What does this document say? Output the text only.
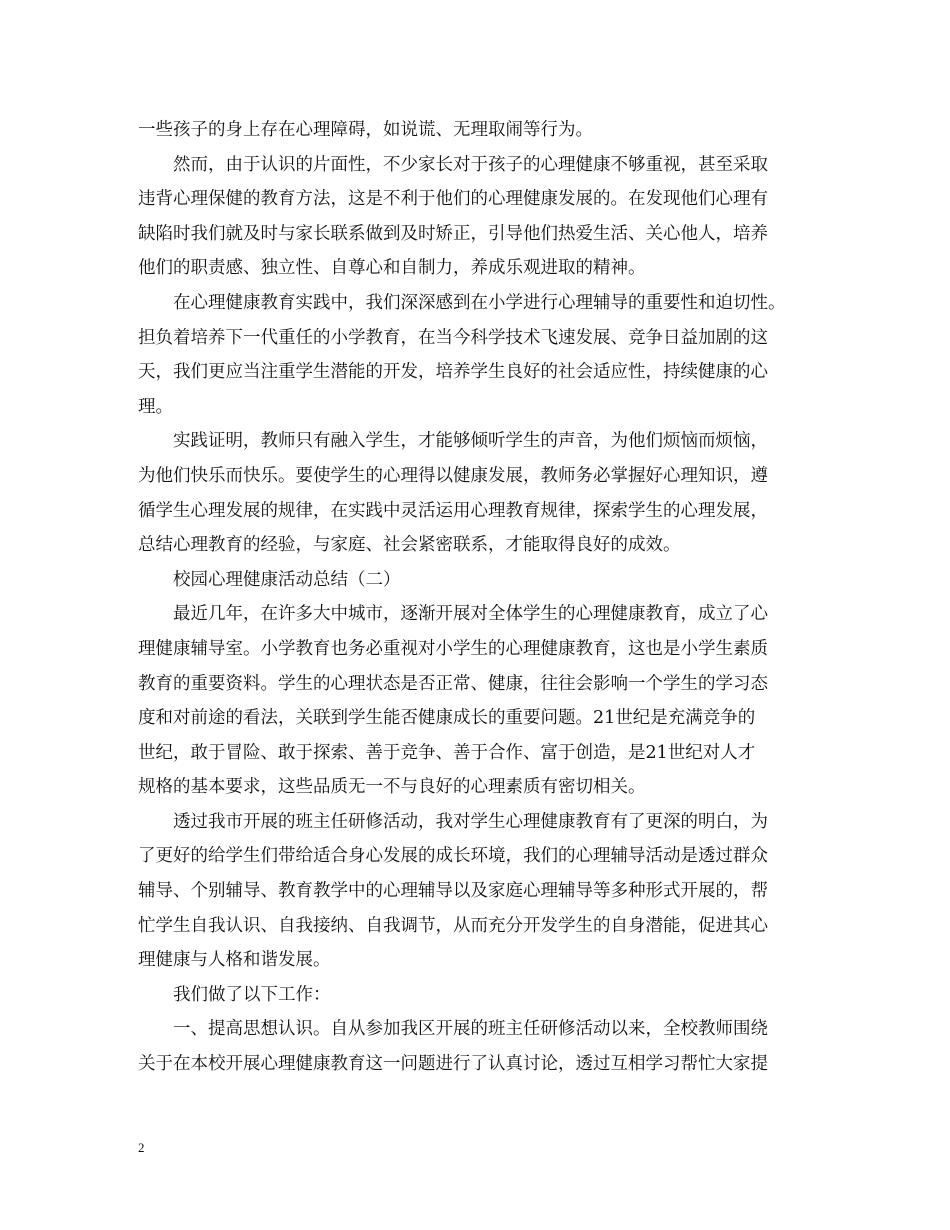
一些孩子的身上存在心理障碍，如说谎、无理取闹等行为。
然而，由于认识的片面性，不少家长对于孩子的心理健康不够重视，甚至采取
违背心理保健的教育方法，这是不利于他们的心理健康发展的。在发现他们心理有
缺陷时我们就及时与家长联系做到及时矫正，引导他们热爱生活、关心他人，培养
他们的职责感、独立性、自尊心和自制力，养成乐观进取的精神。
在心理健康教育实践中，我们深深感到在小学进行心理辅导的重要性和迫切性。
担负着培养下一代重任的小学教育，在当今科学技术飞速发展、竞争日益加剧的这
天，我们更应当注重学生潜能的开发，培养学生良好的社会适应性，持续健康的心
理。
实践证明，教师只有融入学生，才能够倾听学生的声音，为他们烦恼而烦恼，
为他们快乐而快乐。要使学生的心理得以健康发展，教师务必掌握好心理知识，遵
循学生心理发展的规律，在实践中灵活运用心理教育规律，探索学生的心理发展，
总结心理教育的经验，与家庭、社会紧密联系，才能取得良好的成效。
校园心理健康活动总结（二）
最近几年，在许多大中城市，逐渐开展对全体学生的心理健康教育，成立了心
理健康辅导室。小学教育也务必重视对小学生的心理健康教育，这也是小学生素质
教育的重要资料。学生的心理状态是否正常、健康，往往会影响一个学生的学习态
度和对前途的看法，关联到学生能否健康成长的重要问题。21世纪是充满竞争的
世纪，敢于冒险、敢于探索、善于竞争、善于合作、富于创造，是21世纪对人才
规格的基本要求，这些品质无一不与良好的心理素质有密切相关。
透过我市开展的班主任研修活动，我对学生心理健康教育有了更深的明白，为
了更好的给学生们带给适合身心发展的成长环境，我们的心理辅导活动是透过群众
辅导、个别辅导、教育教学中的心理辅导以及家庭心理辅导等多种形式开展的，帮
忙学生自我认识、自我接纳、自我调节，从而充分开发学生的自身潜能，促进其心
理健康与人格和谐发展。
我们做了以下工作：
一、提高思想认识。自从参加我区开展的班主任研修活动以来，全校教师围绕
关于在本校开展心理健康教育这一问题进行了认真讨论，透过互相学习帮忙大家提
2
